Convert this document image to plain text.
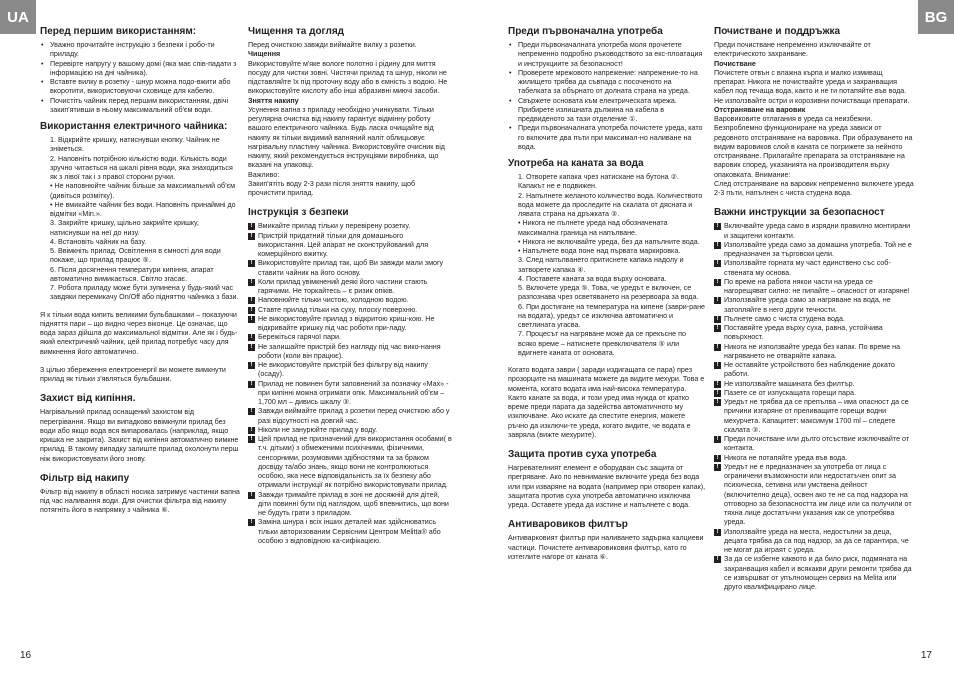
UA	BG
Перед першим використанням:
• Уважно прочитайте інструкцію з безпеки і робо-ти приладу.
• Перевірте напругу у вашому домі (яка має спів-падати з інформацією на дні чайника).
• Вставте вилку в розетку - шнур можна подо-вжити або вкоротити, використовуючи сховище для кабелю.
• Почистіть чайник перед першим використанням, двічі закип'ятивши в ньому максимальний об'єм води.
Використання електричного чайника:
1. Відкрийте кришку, натиснувши кнопку. Чайник не зніметься.
2. Наповніть потрібною кількістю води. Кількість води зручно читається на шкалі рівня води, яка знаходиться як з лівої так і з правої сторони ручки.
• Не наповнюйте чайник більше за максимальний об'єм (дивіться розмітку).
• Не вмикайте чайник без води. Наповніть принаймні до відмітки «Min.».
3. Закрийте кришку, щільно закрийте кришку, натиснувши на неї до низу.
4. Встановіть чайник на базу.
5. Ввімкніть прилад. Освітлення в ємності для води покаже, що прилад працює ⑤.
6. Після досягнення температури кипіння, апарат автоматично вимикається. Світло згасає.
7. Робота приладу може бути зупинена у будь-який час завдяки перемикачу On/Off або підняттю чайника з бази.

Я к тільки вода кипить великими бульбашками – показуючи підняття пари – що видно через віконце. Це означає, що вода зараз дійшла до максимальної відмітки. Але як і будь-який електричний чайник, цей прилад потребує часу для вимкнення його автоматично.

З цілью збереження електроенергії ви можете вимкнути прилад як тільки з'являться бульбашки.

Захист від кипіння.

Нагрівальний прилад оснащений захистом від перегрівання. Якщо ви випадково ввімкнули прилад без води або якщо вода вся випаровалась (наприклад, якщо кришка не закрита). Захист від кипіння автоматично вимкне прилад. В такому випадку залиште прилад охолонути перш ніж використовувати його знову.

Фільтр від накипу

Фільтр від накипу в області носика затримує частинки вапна під час наливання води. Для очистки фільтра від накипу потягніть його в напрямку з чайника ⑥.

Чищення та догляд
Перед очисткою завжди виймайте вилку з розетки.
Чищення
Використовуйте м'яке вологе полотно і рідину для миття посуду для чистки зовні. Чистячи прилад та шнур, ніколи не підставляйте їх під проточну воду або в ємність з водою. Не використовуйте кислоту або інші абразивні миючі засоби.
Зняття накипу
Усунення вапна з приладу необхідно учинкувати. Тільки регулярна очистка від накипу гарантує відмінну роботу вашого електричного чайника. Будь ласка очищайте від накипу як тільки видимий вапняний наліт облицьовує нагрівальну пластину чайника. Використовуйте очисник від накипу, який рекомендується інструкціями виробника, що вказані на упаковці.
Важливо:

Закип'ятіть воду 2-3 рази після зняття накипу, щоб прочистити прилад.

Інструкція з безпеки
! Вмикайте прилад тільки у перевірену розетку.
! Пристрій придатний тільки для домашнього використання. Цей апарат не сконструйований для комерційного вжитку.
! Використовуйте прилад так, щоб Ви завжди мали змогу ставити чайник на його основу.
! Коли прилад увімкнений деякі його частини стають гарячими. Не торкайтесь – є ризик опіків.
! Наповнюйте тільки чистою, холодною водою.
! Ставте прилад тільки на суху, плоску поверхню.
! Не використовуйте прилад з відкритою криш-кою. Не відкривайте кришку під час роботи при-ладу.
! Бережіться гарячої пари.
! Не залишайте пристрій без нагляду під час вико-нання роботи (коли він працює).
! Не використовуйте пристрій без фільтру від накипу (осаду).
! Прилад не повинен бути заповнений за позначку «Max» - при кипінні можна отримати опік. Максимальний об'єм – 1,700 мл – дивись шкалу ③.
! Завжди виймайте прилад з розетки перед очисткою або у разі відсутності на довгий час.
! Ніколи не занурюйте прилад у воду.
! Цей прилад не призначений для використання особами( в т.ч. дітьми) з обмеженими психічними, фізичними, сенсорними, розумовими здібностями та за браком досвіду та/або знань, якщо вони не контролюються особою, яка несе відповідальність за їх безпеку або отримали інструкції як потрібно використовувати прилад.
! Завжди тримайте прилад в зоні не досяжній для дітей, діти повинні бути під наглядом, щоб впевнитись, що вони не будуть грати з приладом.
! Заміна шнура і всіх інших деталей має здійснюватись тільки авторизованим Сервісним Центром Melitta® або особою з відповідною ка-сифікацією.
Преди първоначална употреба
• Преди първоначалната употреба моля прочетете непременно подробно ръководството за екс-плоатация и инструкциите за безопасност!
• Проверете мрежовото напрежение: напрежение-то на жилището трябва да съвпада с посоченото на табелката за обърнато от долната страна на уреда.
• Свържете основата към електрическата мрежа. Прибирете излишната дължина на кабела в предвиденото за тази отделение ①.
• Преди първоначалната употреба почистете уреда, като го включите два пъти при максимал-но наливане на вода.
Употреба на каната за вода
1. Отворете капака чрез натискане на бутона ②. Капакът не е подвижен.
2. Напълнете желаното количество вода. Количеството вода можете да проследите на скалата от дясната и лявата страна на дръжката ③.
• Никога не пълнете уреда над обозначената максимална граница на напълване.
• Никога не включвайте уреда, без да напълните вода.
• Напълнете вода поне над първата маркировка.
3. След напълването притиснете капака надолу и затворете капака ④.
4. Поставете каната за вода върху основата.
5. Включете уреда ⑤. Това, че уредът е включен, се разпознава чрез осветяването на резервоара за вода.
6. При достигане на температура на кипене (заври-ране на водата), уредът се изключва автоматично и светлината угасва.
7. Процесът на нагряване може да се прекъсне по всяко време – натиснете превключвателя ⑤ или вдигнете каната от основата.

Когато водата заври ( заради издигащата се пара) през прозорците на машината можете да видите мехури. Това е момента, когато водата има най-висока температура. Както канате за вода, и този уред има нужда от кратко време преди парата да задейства автоматичното му изключване. Ако искате да спестите енергия, можете ръчно да изключи-те уреда, когато видите, че водата е завряла (вижте мехурите).

Защита против суха употреба

Нагревателният елемент е оборудван със защита от прегряване. Ако по невнимание включите уреда без вода или при изваряне на водата (например при отворен капак), защитата против суха употреба автоматично изключва уреда. Оставете уреда да изстине и напълнете с вода.

Антиваровиков филтър

Антиварковият филтър при наливането задържа калциеви частици. Почистете антиваровиковия филтър, като го изтеглите нагоре от каната ⑥.

Почистване и поддръжка
Преди почистване непременно изключвайте от електрическото захранване.
Почистване
Почистете отвън с влажна кърпа и малко измиващ препарат. Никога не почиствайте уреда и захранващия кабел под течаща вода, както и не ги потапяйте във вода. Не използвайте остри и корозивни почистващи препарати.
Отстраняване на варовик
Варовиковите отлагания в уреда са неизбежни. Безпроблемно функциониране на уреда зависи от редовното отстраняване на варовика. При образуването на видим варовиков слой в каната се погрижете за нейното отстраняване. Прилагайте препарата за отстраняване на варовик според, указанията на производителя върху опаковката. Внимание:

След отстраняване на варовик непременно включете уреда 2-3 пъти, напълнен с чиста студена вода.

Важни инструкции за безопасност
! Включвайте уреда само в изрядни правилно монтирани и защитени контакти.
! Използвайте уреда само за домашна употреба. Той не е предназначен за търговски цели.
! Използвайте горната му част единствено със соб-ствената му основа.
! По време на работа някои части на уреда се нагорещяват силно: не пипайте – опасност от изгаряне!
! Използвайте уреда само за нагряване на вода, не затопляйте в него други течности.
! Пълнете само с чиста студена вода.
! Поставяйте уреда върху суха, равна, устойчива повърхност.
! Никога не използвайте уреда без капак. По време на нагряването не отваряйте капака.
! Не оставяйте устройството без наблюдение докато работи.
! Не използвайте машината без филтър.
! Пазете се от изпускащата горещи пара.
! Уредът не трябва да се препълва – има опасност да се причини изгаряне от преливащите горещи водни мехурчета. Капацитет: максимум 1700 ml – следете скалата ③.
! Преди почистване или дълго отсъствие изключвайте от контакта.
! Никога не потапяйте уреда във вода.
! Уредът не е предназначен за употреба от лица с ограничени възможности или недостатъчен опит за психическа, сетивна или умствена дейност (включително деца), освен ако те не са под надзора на отговорно за безопасността им лице или са получили от тяхна лице достатъчни указания как се употребява уреда.
! Използвайте уреда на места, недостъпни за деца, децата трябва да са под надзор, за да се гарантира, че не могат да играят с уреда.
! За да се избегне каквото и да било риск, подмяната на захранващия кабел и всякакви други ремонти трябва да се извършват от упълномощен сервиз на Melita или друго квалифицирано лице.
16	17
